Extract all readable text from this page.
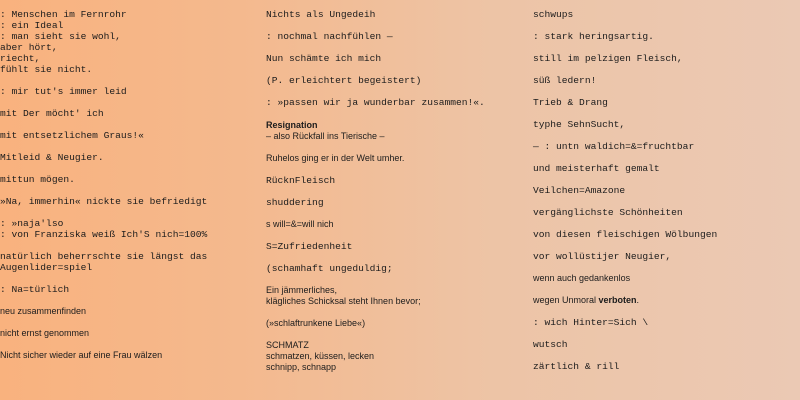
: Menschen im Fernrohr
: ein Ideal
: man sieht sie wohl,
aber hört,
riecht,
fühlt sie nicht.
: mir tut's immer leid
mit Der möcht' ich
mit entsetzlichem Graus!«
Mitleid & Neugier.
mittun mögen.
»Na, immerhin« nickte sie befriedigt
: »naja'lso
: von Franziska weiß Ich'S nich=100%
natürlich beherrschte sie längst das
Augenlider=spiel
: Na=türlich
neu zusammenfinden
nicht ernst genommen
Nicht sicher wieder auf eine Frau wälzen
Nichts als Ungedeih
: nochmal nachfühlen —
Nun schämte ich mich
(P. erleichtert begeistert)
: »passen wir ja wunderbar zusammen!«.
Resignation
– also Rückfall ins Tierische –
Ruhelos ging er in der Welt umher.
RücknFleisch
shuddering
s will=&=will nich
S=Zufriedenheit
(schamhaft ungeduldig;
Ein jämmerliches,
klägliches Schicksal steht Ihnen bevor;
(»schlaftrunkene Liebe«)
SCHMATZ
schmatzen, küssen, lecken
schnipp, schnapp
schwups
: stark heringsartig.
still im pelzigen Fleisch,
süß ledern!
Trieb & Drang
typhe SehnSucht,
— : untn waldich=&=fruchtbar
und meisterhaft gemalt
Veilchen=Amazone
vergänglichste Schönheiten
von diesen fleischigen Wölbungen
vor wollüstijer Neugier,
wenn auch gedankenlos
wegen Unmoral verboten.
: wich Hinter=Sich \
wutsch
zärtlich & rill
